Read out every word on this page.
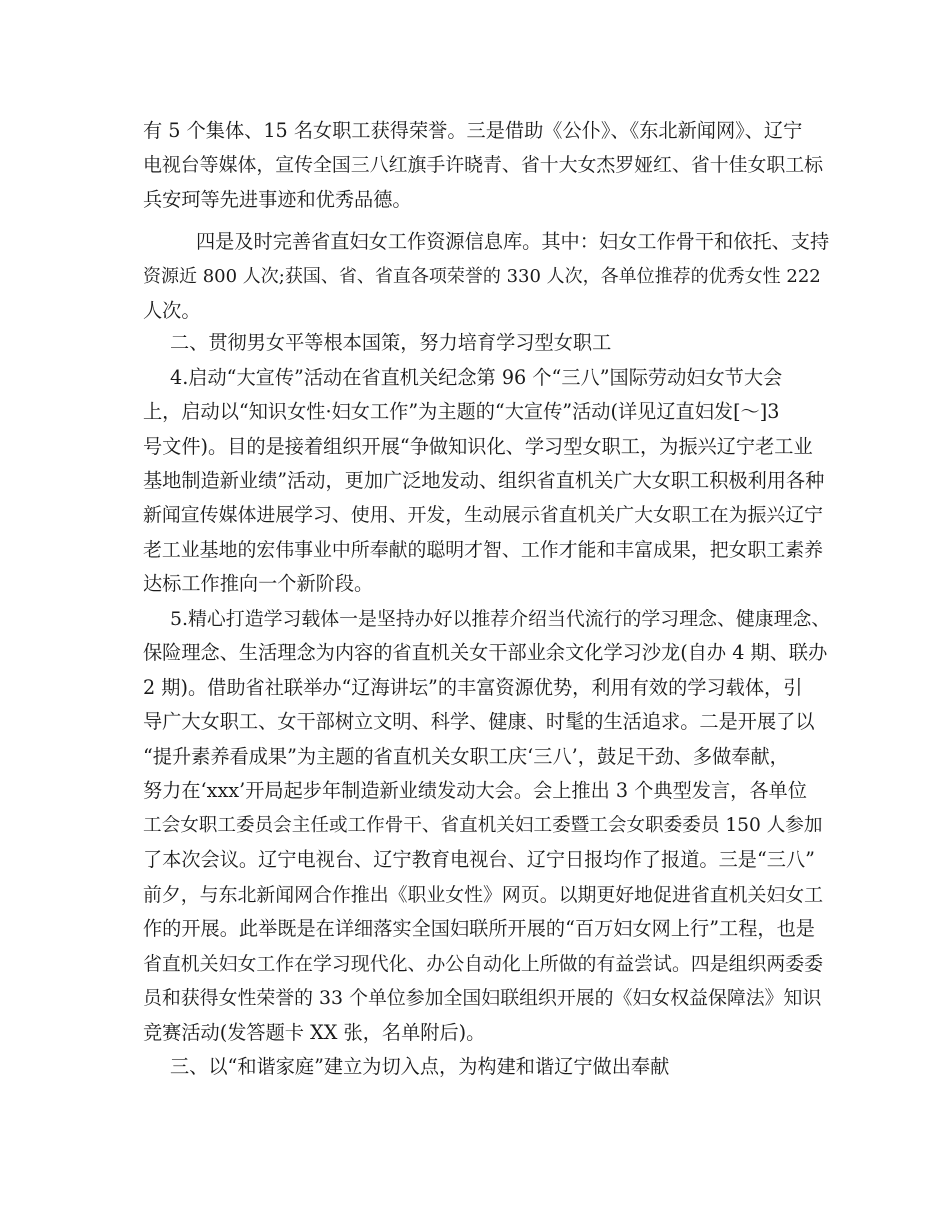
有 5 个集体、15 名女职工获得荣誉。三是借助《公仆》、《东北新闻网》、辽宁

电视台等媒体，宣传全国三八红旗手许晓青、省十大女杰罗娅红、省十佳女职工标

兵安珂等先进事迹和优秀品德。

四是及时完善省直妇女工作资源信息库。其中：妇女工作骨干和依托、支持

资源近 800 人次;获国、省、省直各项荣誉的 330 人次，各单位推荐的优秀女性 222

人次。

二、贯彻男女平等根本国策，努力培育学习型女职工

4.启动“大宣传”活动在省直机关纪念第 96 个“三八”国际劳动妇女节大会

上，启动以“知识女性·妇女工作”为主题的“大宣传”活动(详见辽直妇发[～]3

号文件)。目的是接着组织开展“争做知识化、学习型女职工，为振兴辽宁老工业

基地制造新业绩”活动，更加广泛地发动、组织省直机关广大女职工积极利用各种

新闻宣传媒体进展学习、使用、开发，生动展示省直机关广大女职工在为振兴辽宁

老工业基地的宏伟事业中所奉献的聪明才智、工作才能和丰富成果，把女职工素养

达标工作推向一个新阶段。

5.精心打造学习载体一是坚持办好以推荐介绍当代流行的学习理念、健康理念、

保险理念、生活理念为内容的省直机关女干部业余文化学习沙龙(自办 4 期、联办

2 期)。借助省社联举办“辽海讲坛”的丰富资源优势，利用有效的学习载体，引

导广大女职工、女干部树立文明、科学、健康、时髦的生活追求。二是开展了以

“提升素养看成果”为主题的省直机关女职工庆‘三八’，鼓足干劲、多做奉献，

努力在‘xxx’开局起步年制造新业绩发动大会。会上推出 3 个典型发言，各单位

工会女职工委员会主任或工作骨干、省直机关妇工委暨工会女职委委员 150 人参加

了本次会议。辽宁电视台、辽宁教育电视台、辽宁日报均作了报道。三是“三八”

前夕，与东北新闻网合作推出《职业女性》网页。以期更好地促进省直机关妇女工

作的开展。此举既是在详细落实全国妇联所开展的“百万妇女网上行”工程，也是

省直机关妇女工作在学习现代化、办公自动化上所做的有益尝试。四是组织两委委

员和获得女性荣誉的 33 个单位参加全国妇联组织开展的《妇女权益保障法》知识

竞赛活动(发答题卡 XX 张，名单附后)。

三、以“和谐家庭”建立为切入点，为构建和谐辽宁做出奉献
